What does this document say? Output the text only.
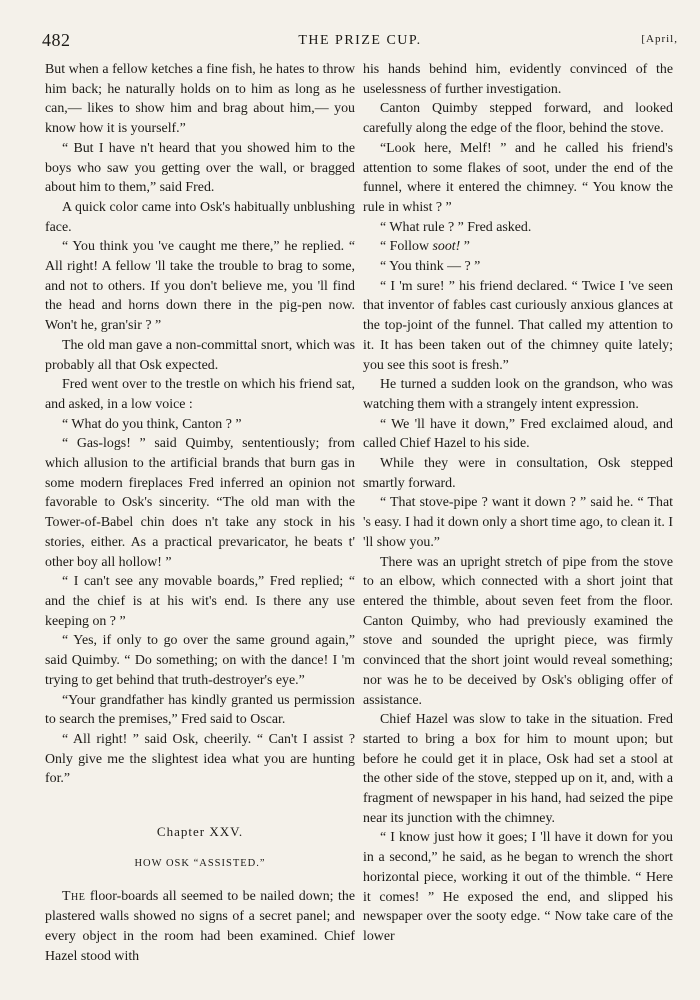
482	THE PRIZE CUP.	[April,

But when a fellow ketches a fine fish, he hates to throw him back; he naturally holds on to him as long as he can,— likes to show him and brag about him,— you know how it is yourself.”

“ But I have n't heard that you showed him to the boys who saw you getting over the wall, or bragged about him to them,” said Fred.

A quick color came into Osk's habitually unblushing face.

“ You think you 've caught me there,” he replied. “ All right! A fellow 'll take the trouble to brag to some, and not to others. If you don't believe me, you 'll find the head and horns down there in the pig-pen now. Won't he, gran'sir ? ”

The old man gave a non-committal snort, which was probably all that Osk expected.

Fred went over to the trestle on which his friend sat, and asked, in a low voice :

“ What do you think, Canton ? ”

“ Gas-logs! ” said Quimby, sententiously; from which allusion to the artificial brands that burn gas in some modern fireplaces Fred inferred an opinion not favorable to Osk's sincerity. “The old man with the Tower-of-Babel chin does n't take any stock in his stories, either. As a practical prevaricator, he beats t' other boy all hollow! ”

“ I can't see any movable boards,” Fred replied; “ and the chief is at his wit's end. Is there any use keeping on ? ”

“ Yes, if only to go over the same ground again,” said Quimby. “ Do something; on with the dance! I 'm trying to get behind that truth-destroyer's eye.”

“Your grandfather has kindly granted us permission to search the premises,” Fred said to Oscar.

“ All right! ” said Osk, cheerily. “ Can't I assist ? Only give me the slightest idea what you are hunting for.”

Chapter XXV.

HOW OSK “ASSISTED.”

The floor-boards all seemed to be nailed down; the plastered walls showed no signs of a secret panel; and every object in the room had been examined. Chief Hazel stood with

his hands behind him, evidently convinced of the uselessness of further investigation.

Canton Quimby stepped forward, and looked carefully along the edge of the floor, behind the stove.

“Look here, Melf! ” and he called his friend's attention to some flakes of soot, under the end of the funnel, where it entered the chimney. “ You know the rule in whist ? ”

“ What rule ? ” Fred asked.

“ Follow soot! ”

“ You think — ? ”

“ I 'm sure! ” his friend declared. “ Twice I 've seen that inventor of fables cast curiously anxious glances at the top-joint of the funnel. That called my attention to it. It has been taken out of the chimney quite lately; you see this soot is fresh.”

He turned a sudden look on the grandson, who was watching them with a strangely intent expression.

“ We 'll have it down,” Fred exclaimed aloud, and called Chief Hazel to his side.

While they were in consultation, Osk stepped smartly forward.

“ That stove-pipe ? want it down ? ” said he. “ That 's easy. I had it down only a short time ago, to clean it. I 'll show you.”

There was an upright stretch of pipe from the stove to an elbow, which connected with a short joint that entered the thimble, about seven feet from the floor. Canton Quimby, who had previously examined the stove and sounded the upright piece, was firmly convinced that the short joint would reveal something; nor was he to be deceived by Osk's obliging offer of assistance.

Chief Hazel was slow to take in the situation. Fred started to bring a box for him to mount upon; but before he could get it in place, Osk had set a stool at the other side of the stove, stepped up on it, and, with a fragment of newspaper in his hand, had seized the pipe near its junction with the chimney.

“ I know just how it goes; I 'll have it down for you in a second,” he said, as he began to wrench the short horizontal piece, working it out of the thimble. “ Here it comes! ” He exposed the end, and slipped his newspaper over the sooty edge. “ Now take care of the lower
